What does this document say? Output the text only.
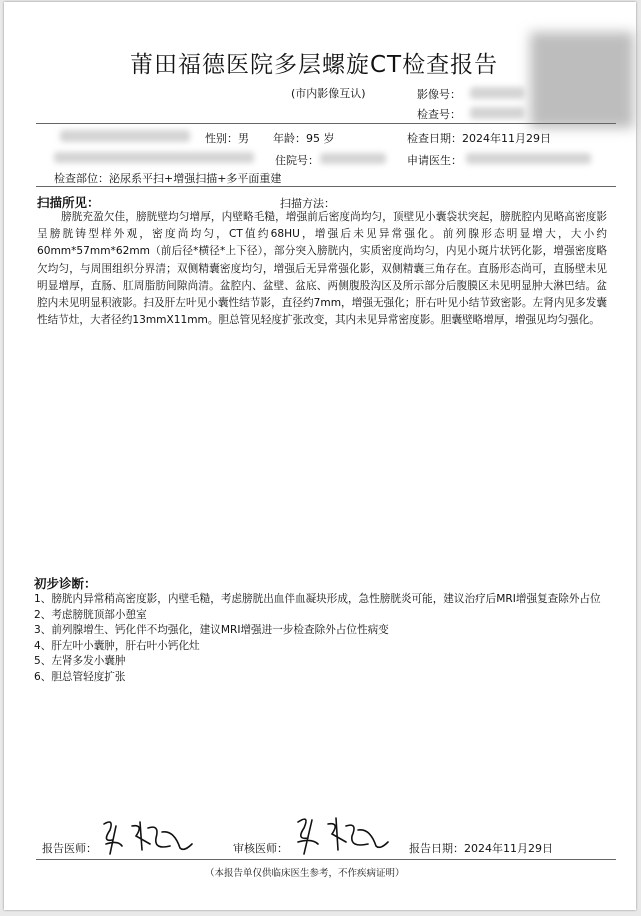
莆田福德医院多层螺旋CT检查报告
(市内影像互认)	影像号：
检查号：
性别：男 年龄：95 岁	检查日期：2024年11月29日
住院号：	申请医生：
检查部位：泌尿系平扫+增强扫描+多平面重建
扫描所见：	扫描方法：
膀胱充盈欠佳，膀胱壁均匀增厚，内壁略毛糙，增强前后密度尚均匀，顶壁见小囊袋状突起，膀胱腔内见略高密度影呈膀胱铸型样外观，密度尚均匀，CT值约68HU，增强后未见异常强化。前列腺形态明显增大，大小约60mm*57mm*62mm（前后径*横径*上下径），部分突入膀胱内，实质密度尚均匀，内见小斑片状钙化影，增强密度略欠均匀，与周围组织分界清；双侧精囊密度均匀，增强后无异常强化影，双侧精囊三角存在。直肠形态尚可，直肠壁未见明显增厚，直肠、肛周脂肪间隙尚清。盆腔内、盆壁、盆底、两侧腹股沟区及所示部分后腹膜区未见明显肿大淋巴结。盆腔内未见明显积液影。扫及肝左叶见小囊性结节影，直径约7mm，增强无强化；肝右叶见小结节致密影。左肾内见多发囊性结节灶，大者径约13mmX11mm。胆总管见轻度扩张改变，其内未见异常密度影。胆囊壁略增厚，增强见均匀强化。
初步诊断：
1、膀胱内异常稍高密度影，内壁毛糙，考虑膀胱出血伴血凝块形成，急性膀胱炎可能，建议治疗后MRI增强复查除外占位
2、考虑膀胱顶部小憩室
3、前列腺增生、钙化伴不均强化，建议MRI增强进一步检查除外占位性病变
4、肝左叶小囊肿，肝右叶小钙化灶
5、左肾多发小囊肿
6、胆总管轻度扩张
报告医师：	审核医师：	报告日期：2024年11月29日
（本报告单仅供临床医生参考，不作疾病证明）
